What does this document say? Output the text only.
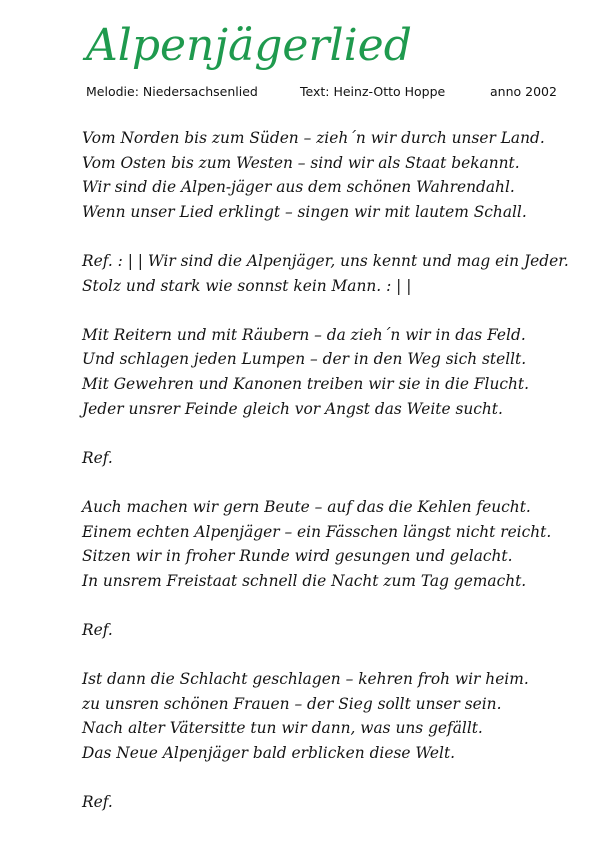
Alpenjägerlied
Melodie: Niedersachsenlied	Text: Heinz-Otto Hoppe	anno 2002
Vom Norden bis zum Süden – zieh´n wir durch unser Land.
Vom Osten bis zum Westen – sind wir als Staat bekannt.
Wir sind die Alpen-jäger aus dem schönen Wahrendahl.
Wenn unser Lied erklingt – singen wir mit lautem Schall.
Ref. : | | Wir sind die Alpenjäger, uns kennt und mag ein Jeder.
Stolz und stark wie sonnst kein Mann. : | |
Mit Reitern und mit Räubern – da zieh´n wir in das Feld.
Und schlagen jeden Lumpen – der in den Weg sich stellt.
Mit Gewehren und Kanonen treiben wir sie in die Flucht.
Jeder unsrer Feinde gleich vor Angst das Weite sucht.
Ref.
Auch machen wir gern Beute – auf das die Kehlen feucht.
Einem echten Alpenjäger – ein Fässchen längst nicht reicht.
Sitzen wir in froher Runde wird gesungen und gelacht.
In unsrem Freistaat schnell die Nacht zum Tag gemacht.
Ref.
Ist dann die Schlacht geschlagen – kehren froh wir heim.
zu unsren schönen Frauen – der Sieg sollt unser sein.
Nach alter Vätersitte tun wir dann, was uns gefällt.
Das Neue Alpenjäger bald erblicken diese Welt.
Ref.
